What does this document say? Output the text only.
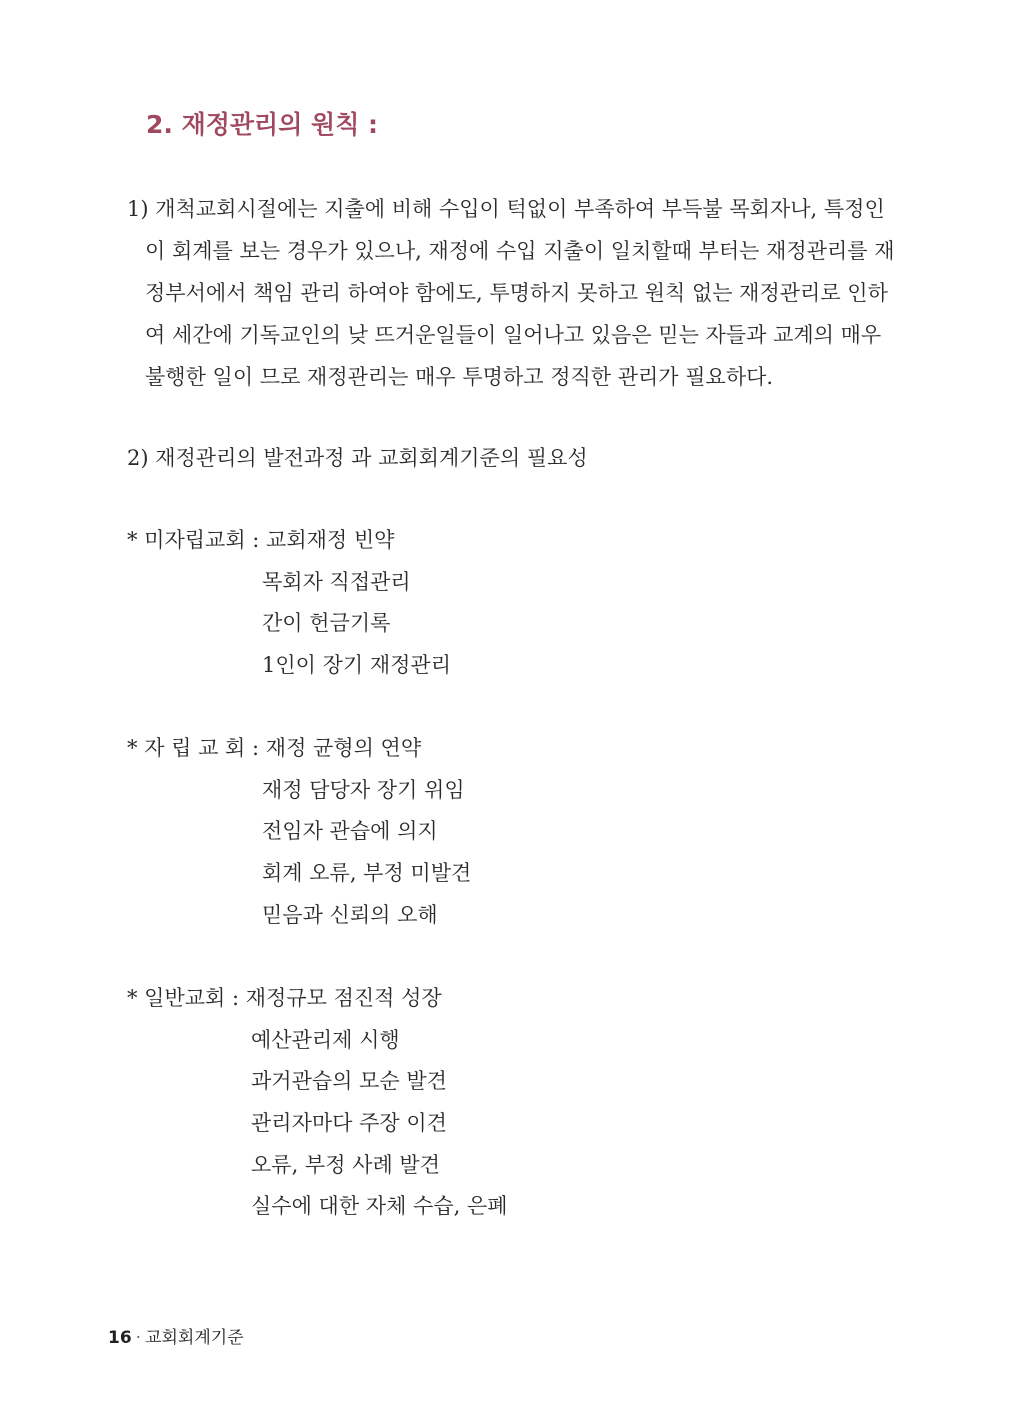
2. 재정관리의 원칙 :
1) 개척교회시절에는 지출에 비해 수입이 턱없이 부족하여 부득불 목회자나, 특정인
이 회계를 보는 경우가 있으나, 재정에 수입 지출이 일치할때 부터는 재정관리를 재
정부서에서 책임 관리 하여야 함에도, 투명하지 못하고 원칙 없는 재정관리로 인하
여 세간에 기독교인의 낮 뜨거운일들이 일어나고 있음은 믿는 자들과 교계의 매우
불행한 일이 므로 재정관리는 매우 투명하고 정직한 관리가 필요하다.
2) 재정관리의 발전과정 과 교회회계기준의 필요성
* 미자립교회 : 교회재정 빈약
목회자 직접관리
간이 헌금기록
1인이 장기 재정관리
* 자 립 교 회 : 재정 균형의 연약
재정 담당자 장기 위임
전임자 관습에 의지
회계 오류, 부정 미발견
믿음과 신뢰의 오해
* 일반교회 : 재정규모 점진적 성장
예산관리제 시행
과거관습의 모순 발견
관리자마다 주장 이견
오류, 부정 사례 발견
실수에 대한 자체 수습, 은폐
16 · 교회회계기준
